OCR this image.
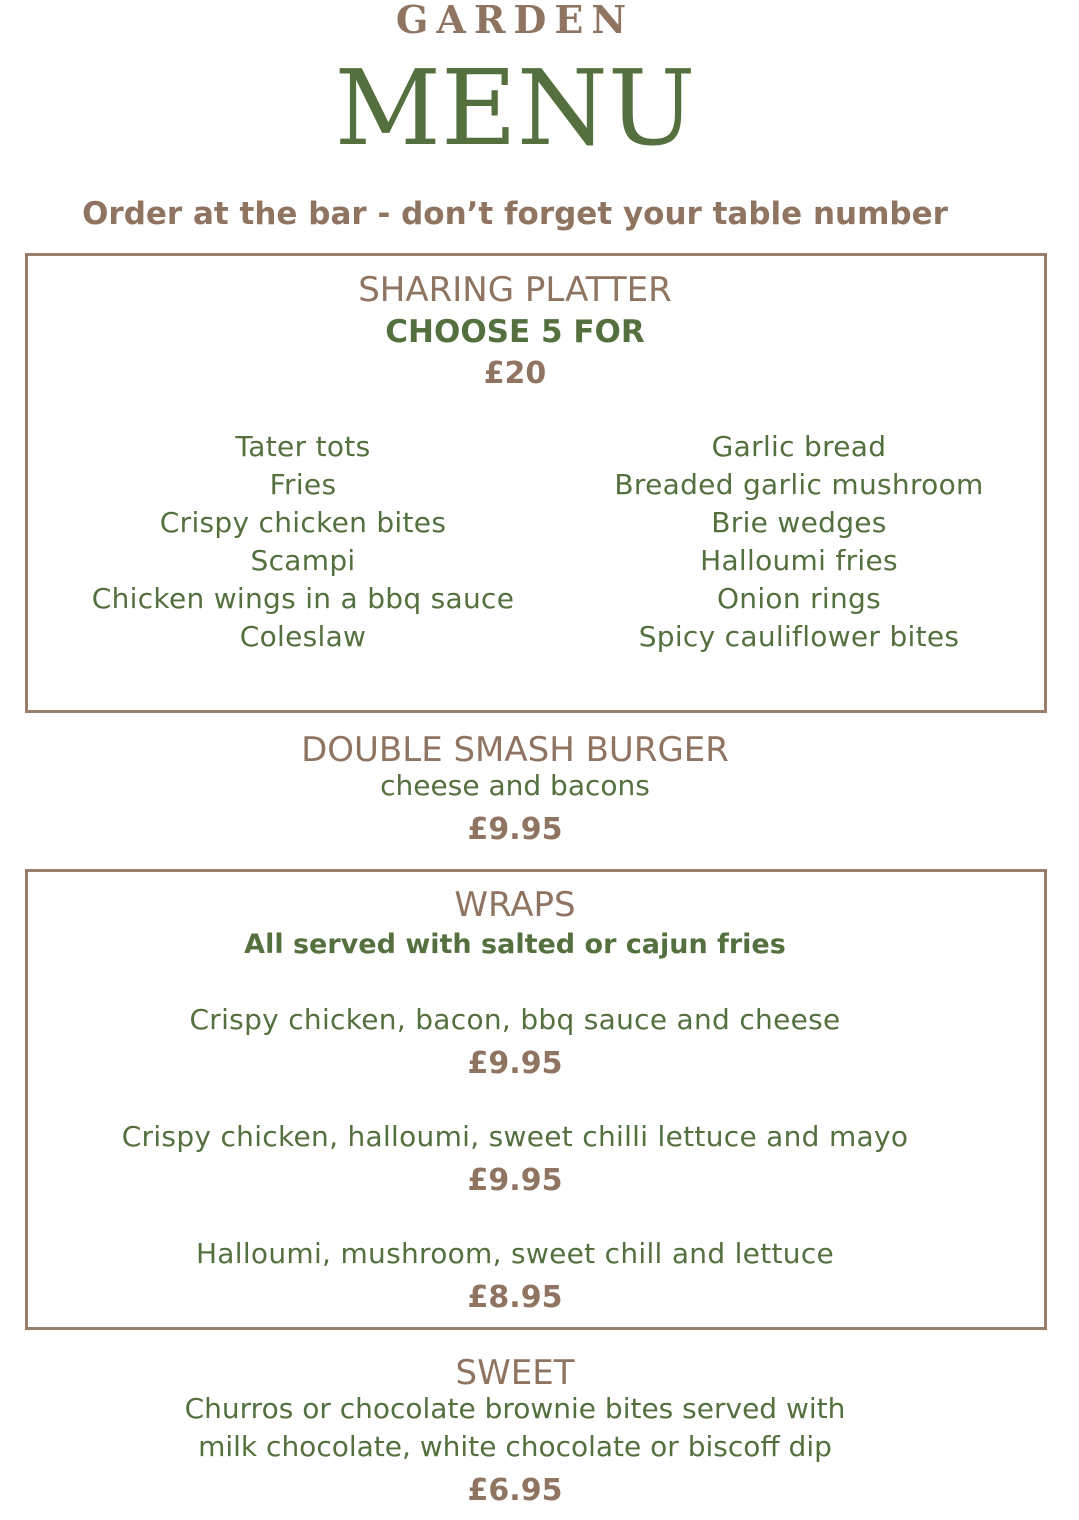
GARDEN
MENU
Order at the bar - don’t forget your table number
SHARING PLATTER
CHOOSE 5 FOR
£20
Tater tots
Fries
Crispy chicken bites
Scampi
Chicken wings in a bbq sauce
Coleslaw
Garlic bread
Breaded garlic mushroom
Brie wedges
Halloumi fries
Onion rings
Spicy cauliflower bites
DOUBLE SMASH BURGER
cheese and bacons
£9.95
WRAPS
All served with salted or cajun fries
Crispy chicken, bacon, bbq sauce and cheese
£9.95
Crispy chicken, halloumi, sweet chilli lettuce and mayo
£9.95
Halloumi, mushroom, sweet chill and lettuce
£8.95
SWEET
Churros or chocolate brownie bites served with
milk chocolate, white chocolate or biscoff dip
£6.95
